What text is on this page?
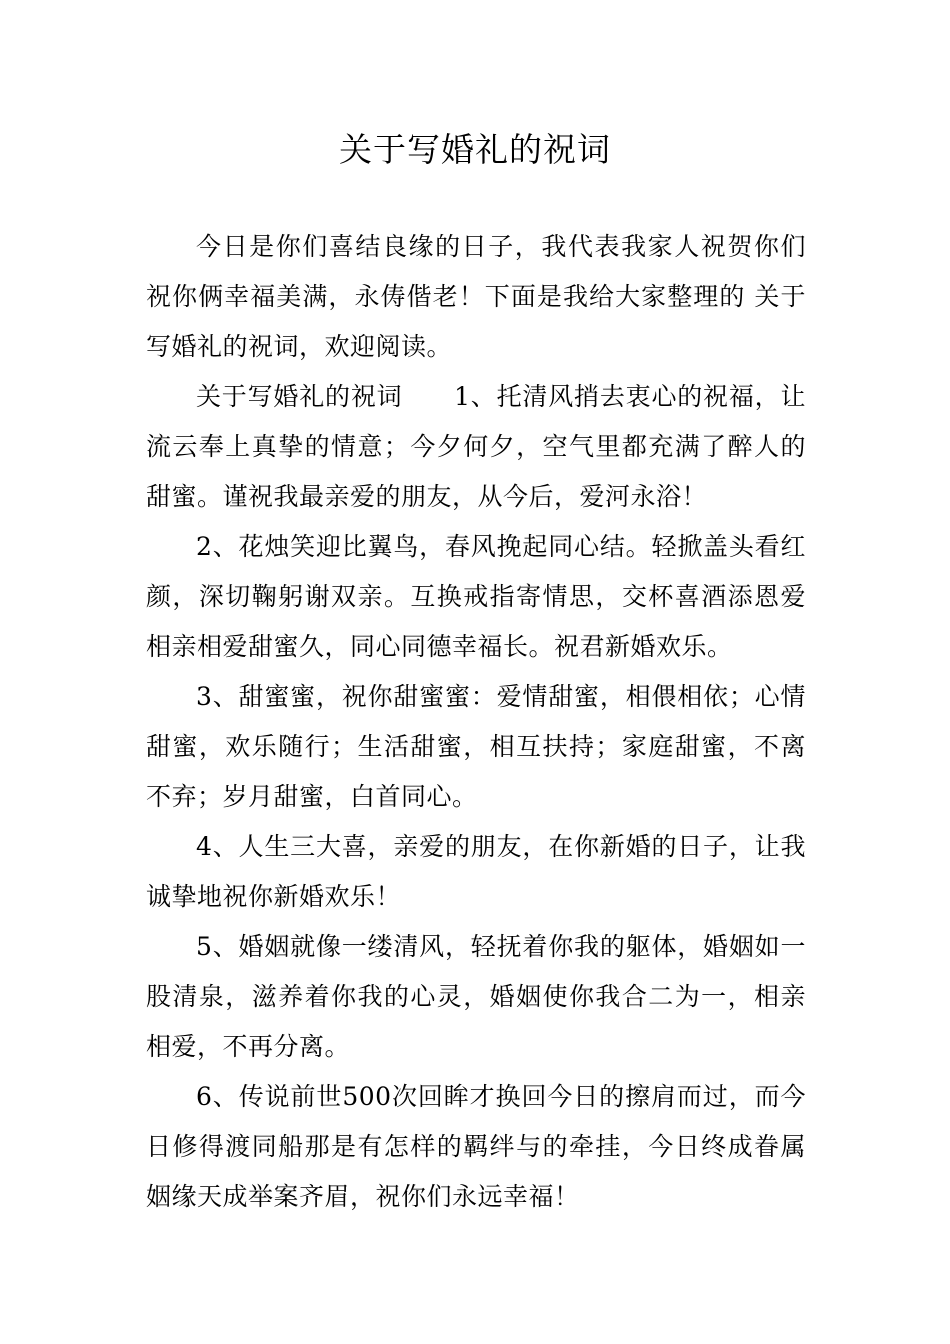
关于写婚礼的祝词

今日是你们喜结良缘的日子，我代表我家人祝贺你们祝你俩幸福美满，永俦偕老！下面是我给大家整理的 关于写婚礼的祝词，欢迎阅读。

关于写婚礼的祝词　　1、托清风捎去衷心的祝福，让流云奉上真挚的情意；今夕何夕，空气里都充满了醉人的甜蜜。谨祝我最亲爱的朋友，从今后，爱河永浴！

2、花烛笑迎比翼鸟，春风挽起同心结。轻掀盖头看红颜，深切鞠躬谢双亲。互换戒指寄情思，交杯喜酒添恩爱相亲相爱甜蜜久，同心同德幸福长。祝君新婚欢乐。

3、甜蜜蜜，祝你甜蜜蜜：爱情甜蜜，相偎相依；心情甜蜜，欢乐随行；生活甜蜜，相互扶持；家庭甜蜜，不离不弃；岁月甜蜜，白首同心。

4、人生三大喜，亲爱的朋友，在你新婚的日子，让我诚挚地祝你新婚欢乐！

5、婚姻就像一缕清风，轻抚着你我的躯体，婚姻如一股清泉，滋养着你我的心灵，婚姻使你我合二为一，相亲相爱，不再分离。

6、传说前世500次回眸才换回今日的擦肩而过，而今日修得渡同船那是有怎样的羁绊与的牵挂，今日终成眷属姻缘天成举案齐眉，祝你们永远幸福！
